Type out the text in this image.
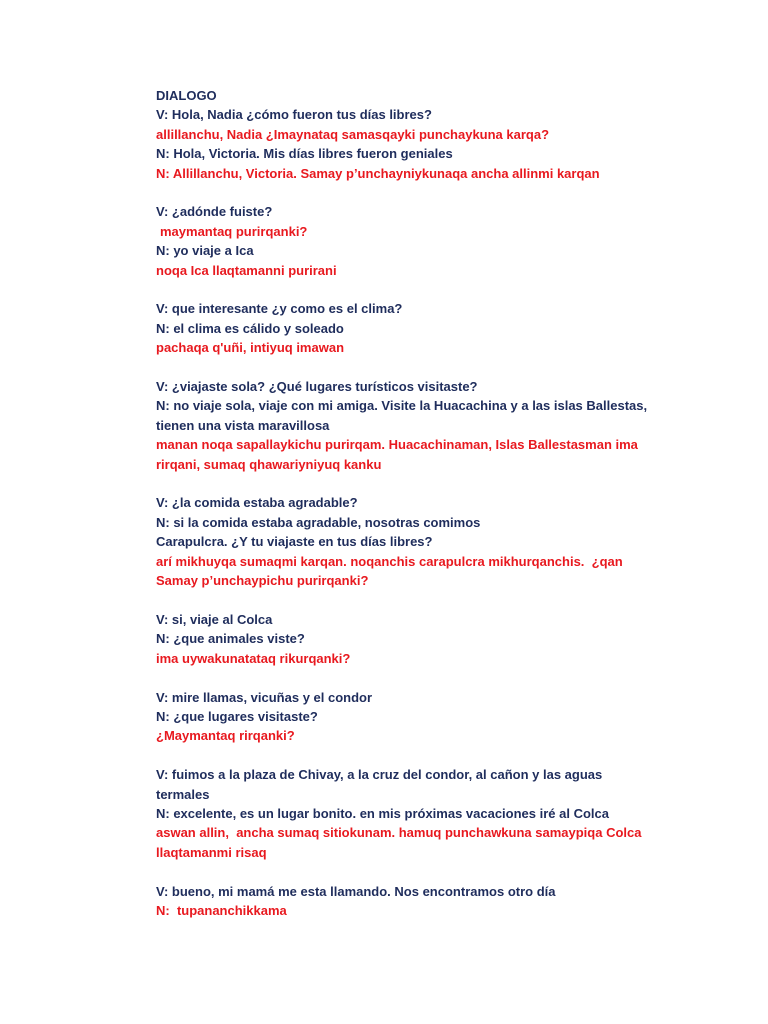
DIALOGO
V: Hola, Nadia ¿cómo fueron tus días libres?
allillanchu, Nadia ¿Imaynataq samasqayki punchaykuna karqa?
N: Hola, Victoria. Mis días libres fueron geniales
N: Allillanchu, Victoria. Samay p’unchayniykunaqa ancha allinmi karqan
V: ¿adónde fuiste?
maymantaq purirqanki?
N: yo viaje a Ica
noqa Ica llaqtamanni purirani
V: que interesante ¿y como es el clima?
N: el clima es cálido y soleado
pachaqa q'uñi, intiyuq imawan
V: ¿viajaste sola? ¿Qué lugares turísticos visitaste?
N: no viaje sola, viaje con mi amiga. Visite la Huacachina y a las islas Ballestas,
tienen una vista maravillosa
manan noqa sapallaykichu purirqam. Huacachinaman, Islas Ballestasman ima
rirqani, sumaq qhawariyniyuq kanku
V: ¿la comida estaba agradable?
N: si la comida estaba agradable, nosotras comimos
Carapulcra. ¿Y tu viajaste en tus días libres?
arí mikhuyqa sumaqmi karqan. noqanchis carapulcra mikhurqanchis.  ¿qan
Samay p’unchaypichu purirqanki?
V: si, viaje al Colca
N: ¿que animales viste?
ima uywakunatataq rikurqanki?
V: mire llamas, vicuñas y el condor
N: ¿que lugares visitaste?
¿Maymantaq rirqanki?
V: fuimos a la plaza de Chivay, a la cruz del condor, al cañon y las aguas
termales
N: excelente, es un lugar bonito. en mis próximas vacaciones iré al Colca
aswan allin,  ancha sumaq sitiokunam. hamuq punchawkuna samaypiqa Colca
llaqtamanmi risaq
V: bueno, mi mamá me esta llamando. Nos encontramos otro día
N:  tupananchikkama
